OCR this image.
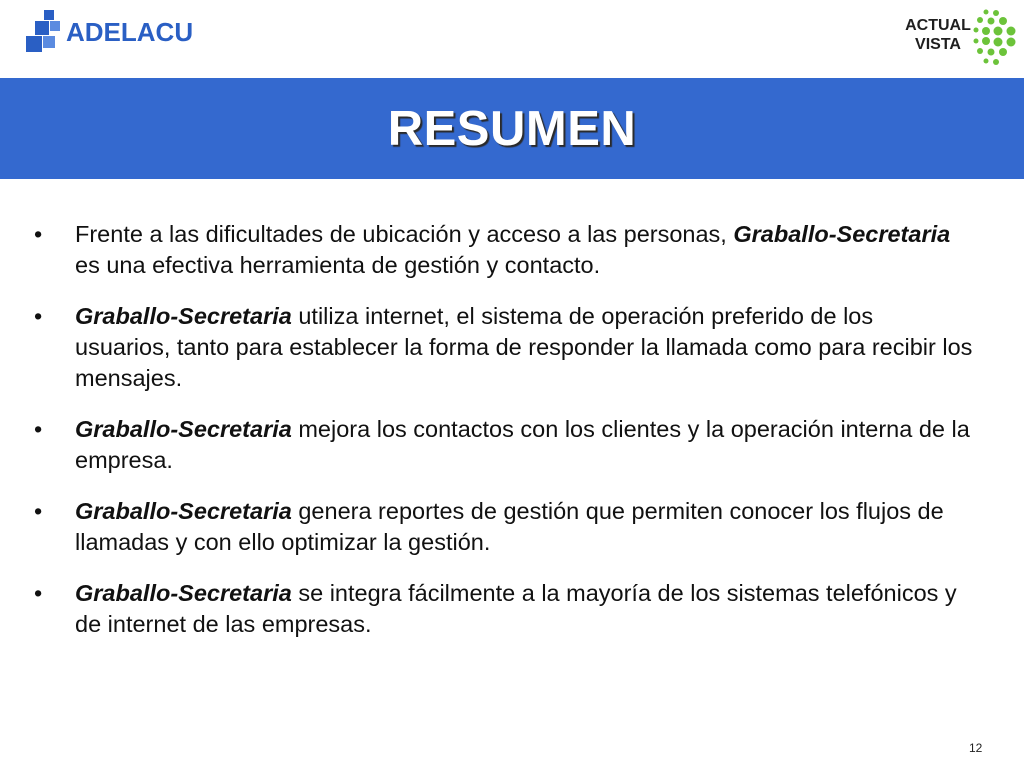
ADELACU	ACTUAL
VISTA
RESUMEN
•	Frente a las dificultades de ubicación y acceso a las personas, Graballo-Secretaria es una efectiva herramienta de gestión y contacto.
•	Graballo-Secretaria utiliza internet, el sistema de operación preferido de los usuarios, tanto para establecer la forma de responder la llamada como para recibir los mensajes.
•	Graballo-Secretaria mejora los contactos con los clientes y la operación interna de la empresa.
•	Graballo-Secretaria genera reportes de gestión que permiten conocer los flujos de llamadas y con ello optimizar la gestión.
•	Graballo-Secretaria se integra fácilmente a la mayoría de los sistemas telefónicos y de internet de las empresas.
12
